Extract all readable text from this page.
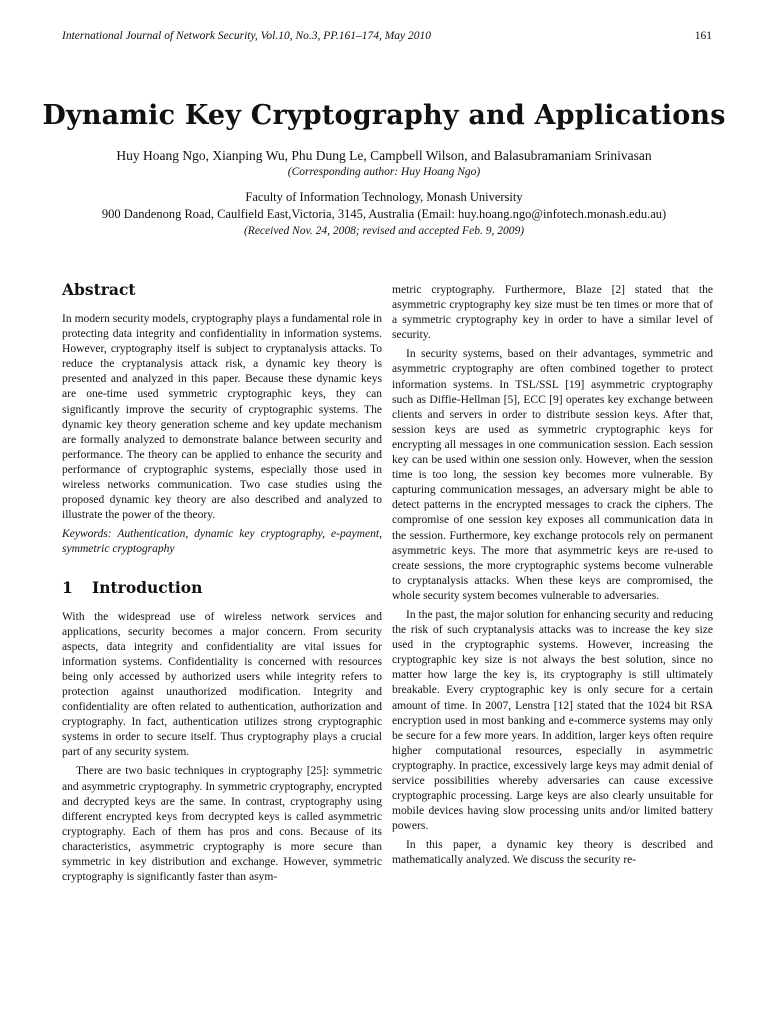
International Journal of Network Security, Vol.10, No.3, PP.161–174, May 2010	161
Dynamic Key Cryptography and Applications
Huy Hoang Ngo, Xianping Wu, Phu Dung Le, Campbell Wilson, and Balasubramaniam Srinivasan
(Corresponding author: Huy Hoang Ngo)
Faculty of Information Technology, Monash University
900 Dandenong Road, Caulfield East,Victoria, 3145, Australia (Email: huy.hoang.ngo@infotech.monash.edu.au)
(Received Nov. 24, 2008; revised and accepted Feb. 9, 2009)
Abstract

In modern security models, cryptography plays a fundamental role in protecting data integrity and confidentiality in information systems. However, cryptography itself is subject to cryptanalysis attacks. To reduce the cryptanalysis attack risk, a dynamic key theory is presented and analyzed in this paper. Because these dynamic keys are one-time used symmetric cryptographic keys, they can significantly improve the security of cryptographic systems. The dynamic key theory generation scheme and key update mechanism are formally analyzed to demonstrate balance between security and performance. The theory can be applied to enhance the security and performance of cryptographic systems, especially those used in wireless networks communication. Two case studies using the proposed dynamic key theory are also described and analyzed to illustrate the power of the theory.

Keywords: Authentication, dynamic key cryptography, e-payment, symmetric cryptography

1 Introduction

With the widespread use of wireless network services and applications, security becomes a major concern. From security aspects, data integrity and confidentiality are vital issues for information systems. Confidentiality is concerned with resources being only accessed by authorized users while integrity refers to protection against unauthorized modification. Integrity and confidentiality are often related to authentication, authorization and cryptography. In fact, authentication utilizes strong cryptographic systems in order to secure itself. Thus cryptography plays a crucial part of any security system.

There are two basic techniques in cryptography [25]: symmetric and asymmetric cryptography. In symmetric cryptography, encrypted and decrypted keys are the same. In contrast, cryptography using different encrypted keys from decrypted keys is called asymmetric cryptography. Each of them has pros and cons. Because of its characteristics, asymmetric cryptography is more secure than symmetric in key distribution and exchange. However, symmetric cryptography is significantly faster than asym-

metric cryptography. Furthermore, Blaze [2] stated that the asymmetric cryptography key size must be ten times or more that of a symmetric cryptography key in order to have a similar level of security.

In security systems, based on their advantages, symmetric and asymmetric cryptography are often combined together to protect information systems. In TSL/SSL [19] asymmetric cryptography such as Diffie-Hellman [5], ECC [9] operates key exchange between clients and servers in order to distribute session keys. After that, session keys are used as symmetric cryptographic keys for encrypting all messages in one communication session. Each session key can be used within one session only. However, when the session time is too long, the session key becomes more vulnerable. By capturing communication messages, an adversary might be able to detect patterns in the encrypted messages to crack the ciphers. The compromise of one session key exposes all communication data in the session. Furthermore, key exchange protocols rely on permanent asymmetric keys. The more that asymmetric keys are re-used to create sessions, the more cryptographic systems become vulnerable to cryptanalysis attacks. When these keys are compromised, the whole security system becomes vulnerable to adversaries.

In the past, the major solution for enhancing security and reducing the risk of such cryptanalysis attacks was to increase the key size used in the cryptographic systems. However, increasing the cryptographic key size is not always the best solution, since no matter how large the key is, its cryptography is still ultimately breakable. Every cryptographic key is only secure for a certain amount of time. In 2007, Lenstra [12] stated that the 1024 bit RSA encryption used in most banking and e-commerce systems may only be secure for a few more years. In addition, larger keys often require higher computational resources, especially in asymmetric cryptography. In practice, excessively large keys may admit denial of service possibilities whereby adversaries can cause excessive cryptographic processing. Large keys are also clearly unsuitable for mobile devices having slow processing units and/or limited battery powers.

In this paper, a dynamic key theory is described and mathematically analyzed. We discuss the security re-
